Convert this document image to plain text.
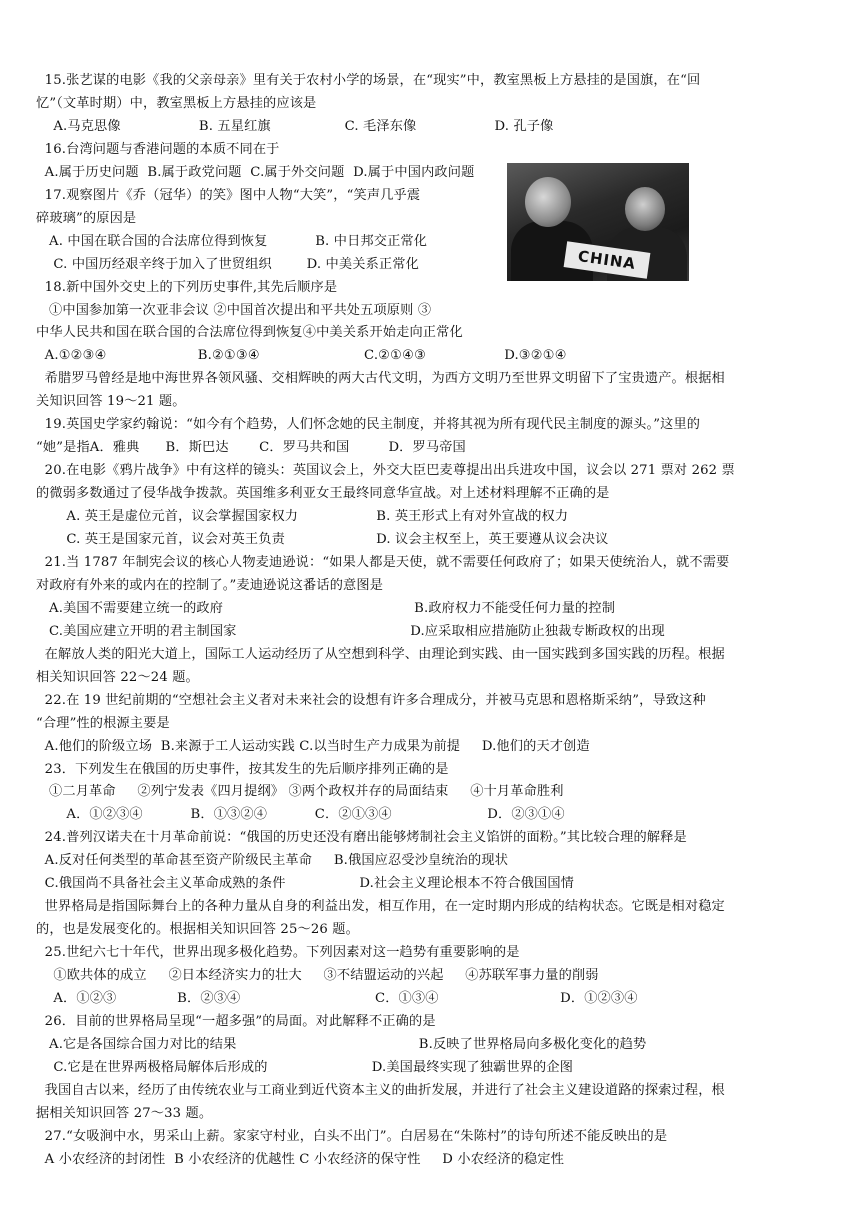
15.张艺谋的电影《我的父亲母亲》里有关于农村小学的场景，在“现实”中，教室黑板上方悬挂的是国旗，在“回
忆”（文革时期）中，教室黑板上方悬挂的应该是
A.马克思像                  B. 五星红旗                 C. 毛泽东像                  D. 孔子像
16.台湾问题与香港问题的本质不同在于
A.属于历史问题  B.属于政党问题  C.属于外交问题  D.属于中国内政问题
17.观察图片《乔（冠华）的笑》图中人物“大笑”，“笑声几乎震
碎玻璃”的原因是
A. 中国在联合国的合法席位得到恢复           B. 中日邦交正常化
C. 中国历经艰辛终于加入了世贸组织        D. 中美关系正常化
18.新中国外交史上的下列历史事件,其先后顺序是
①中国参加第一次亚非会议 ②中国首次提出和平共处五项原则 ③
中华人民共和国在联合国的合法席位得到恢复④中美关系开始走向正常化
A.①②③④                     B.②①③④                        C.②①④③                  D.③②①④
希腊罗马曾经是地中海世界各领风骚、交相辉映的两大古代文明，为西方文明乃至世界文明留下了宝贵遗产。根据相
关知识回答 19～21 题。
19.英国史学家约翰说：“如今有个趋势，人们怀念她的民主制度，并将其视为所有现代民主制度的源头。”这里的
“她”是指A．雅典      B．斯巴达       C．罗马共和国         D．罗马帝国
20.在电影《鸦片战争》中有这样的镜头：英国议会上，外交大臣巴麦尊提出出兵进攻中国，议会以 271 票对 262 票
的微弱多数通过了侵华战争拨款。英国维多利亚女王最终同意华宣战。对上述材料理解不正确的是
A. 英王是虚位元首，议会掌握国家权力                  B. 英王形式上有对外宣战的权力
C. 英王是国家元首，议会对英王负责                     D. 议会主权至上，英王要遵从议会决议
21.当 1787 年制宪会议的核心人物麦迪逊说：“如果人都是天使，就不需要任何政府了；如果天使统治人，就不需要
对政府有外来的或内在的控制了。”麦迪逊说这番话的意图是
A.美国不需要建立统一的政府                                            B.政府权力不能受任何力量的控制
C.美国应建立开明的君主制国家                                        D.应采取相应措施防止独裁专断政权的出现
在解放人类的阳光大道上，国际工人运动经历了从空想到科学、由理论到实践、由一国实践到多国实践的历程。根据
相关知识回答 22～24 题。
22.在 19 世纪前期的“空想社会主义者对未来社会的设想有许多合理成分，并被马克思和恩格斯采纳”，导致这种
“合理”性的根源主要是
A.他们的阶级立场  B.来源于工人运动实践 C.以当时生产力成果为前提     D.他们的天才创造
23．下列发生在俄国的历史事件，按其发生的先后顺序排列正确的是
①二月革命     ②列宁发表《四月提纲》 ③两个政权并存的局面结束     ④十月革命胜利
A．①②③④           B．①③②④           C．②①③④                      D．②③①④
24.普列汉诺夫在十月革命前说：“俄国的历史还没有磨出能够烤制社会主义馅饼的面粉。”其比较合理的解释是
A.反对任何类型的革命甚至资产阶级民主革命     B.俄国应忍受沙皇统治的现状
C.俄国尚不具备社会主义革命成熟的条件                 D.社会主义理论根本不符合俄国国情
世界格局是指国际舞台上的各种力量从自身的利益出发，相互作用，在一定时期内形成的结构状态。它既是相对稳定
的，也是发展变化的。根据相关知识回答 25～26 题。
25.世纪六七十年代，世界出现多极化趋势。下列因素对这一趋势有重要影响的是
①欧共体的成立     ②日本经济实力的壮大     ③不结盟运动的兴起     ④苏联军事力量的削弱
A．①②③              B．②③④                               C．①③④                            D．①②③④
26．目前的世界格局呈现“一超多强”的局面。对此解释不正确的是
A.它是各国综合国力对比的结果                                          B.反映了世界格局向多极化变化的趋势
C.它是在世界两极格局解体后形成的                        D.美国最终实现了独霸世界的企图
我国自古以来，经历了由传统农业与工商业到近代资本主义的曲折发展，并进行了社会主义建设道路的探索过程，根
据相关知识回答 27～33 题。
27.“女吸涧中水，男采山上薪。家家守村业，白头不出门”。白居易在“朱陈村”的诗句所述不能反映出的是
A 小农经济的封闭性  B 小农经济的优越性 C 小农经济的保守性     D 小农经济的稳定性
CHINA
